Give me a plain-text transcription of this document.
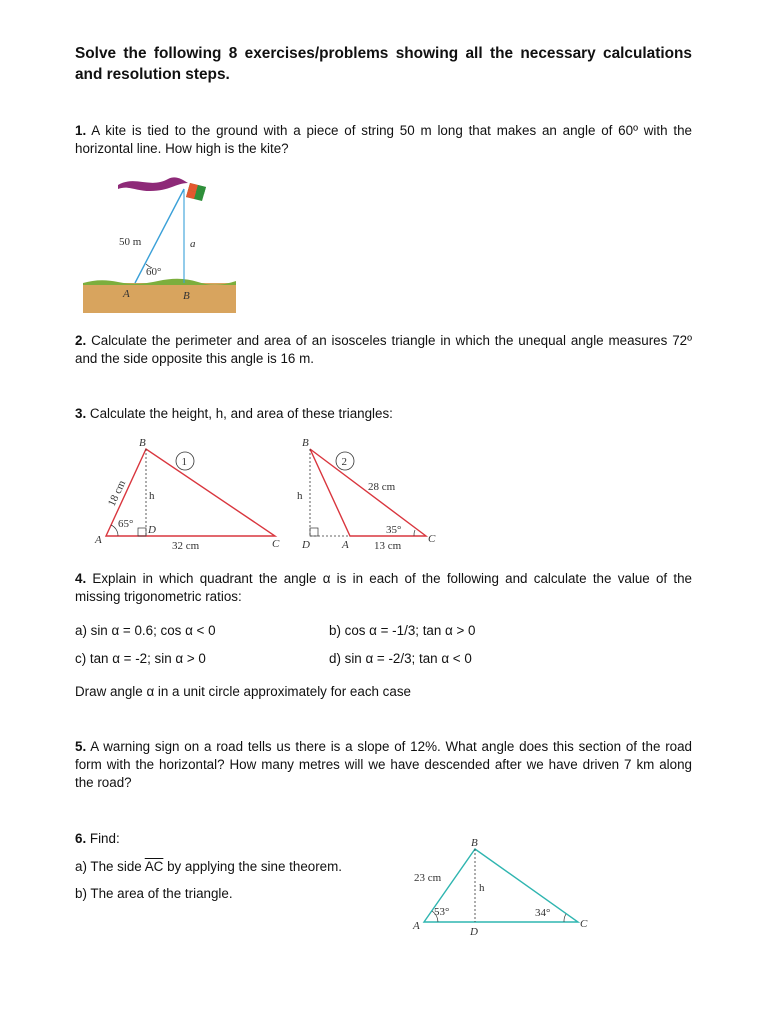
Solve the following 8 exercises/problems showing all the necessary calculations and resolution steps.

1. A kite is tied to the ground with a piece of string 50 m long that makes an angle of 60º with the horizontal line. How high is the kite?

50 m
60°
a
A	B

2. Calculate the perimeter and area of an isosceles triangle in which the unequal angle measures 72º and the side opposite this angle is 16 m.

3. Calculate the height, h, and area of these triangles:

1
B
A	C
D
h
18 cm
32 cm
65°
2
B
A	C
D
h
28 cm
13 cm
35°

4. Explain in which quadrant the angle α is in each of the following and calculate the value of the missing trigonometric ratios:

a) sin α = 0.6; cos α < 0	b) cos α = -1/3; tan α > 0

c) tan α = -2; sin α > 0	d) sin α = -2/3; tan α < 0

Draw angle α in a unit circle approximately for each case

5. A warning sign on a road tells us there is a slope of 12%. What angle does this section of the road form with the horizontal? How many metres will we have descended after we have driven 7 km along the road?

6. Find:

a) The side $\overline{AC}$ by applying the sine theorem.

b) The area of the triangle.

B
A	C
D
h
23 cm
53°	34°
